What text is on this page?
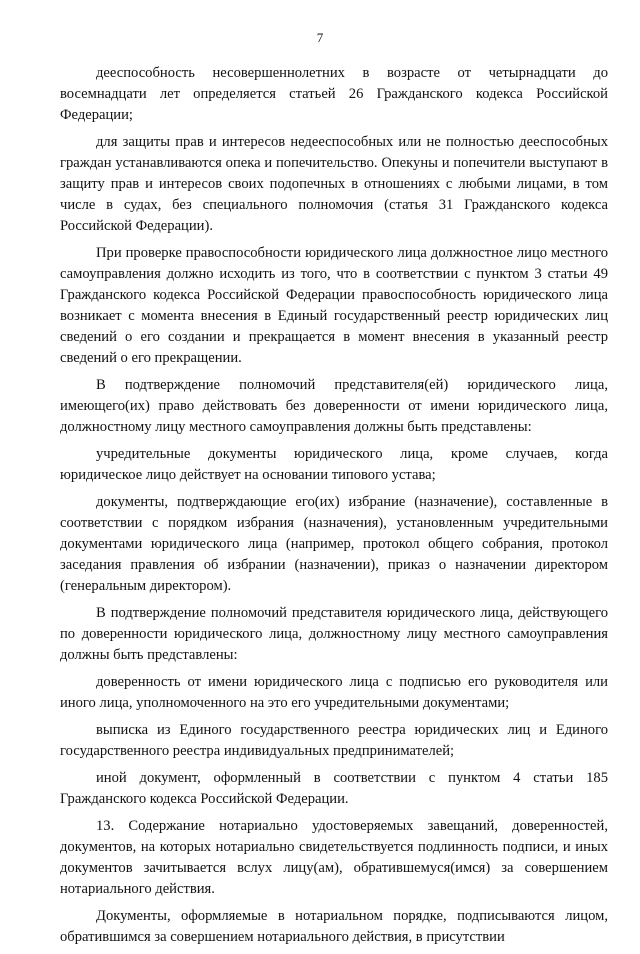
7

дееспособность несовершеннолетних в возрасте от четырнадцати до восемнадцати лет определяется статьей 26 Гражданского кодекса Российской Федерации;

для защиты прав и интересов недееспособных или не полностью дееспособных граждан устанавливаются опека и попечительство. Опекуны и попечители выступают в защиту прав и интересов своих подопечных в отношениях с любыми лицами, в том числе в судах, без специального полномочия (статья 31 Гражданского кодекса Российской Федерации).

При проверке правоспособности юридического лица должностное лицо местного самоуправления должно исходить из того, что в соответствии с пунктом 3 статьи 49 Гражданского кодекса Российской Федерации правоспособность юридического лица возникает с момента внесения в Единый государственный реестр юридических лиц сведений о его создании и прекращается в момент внесения в указанный реестр сведений о его прекращении.

В подтверждение полномочий представителя(ей) юридического лица, имеющего(их) право действовать без доверенности от имени юридического лица, должностному лицу местного самоуправления должны быть представлены:

учредительные документы юридического лица, кроме случаев, когда юридическое лицо действует на основании типового устава;

документы, подтверждающие его(их) избрание (назначение), составленные в соответствии с порядком избрания (назначения), установленным учредительными документами юридического лица (например, протокол общего собрания, протокол заседания правления об избрании (назначении), приказ о назначении директором (генеральным директором).

В подтверждение полномочий представителя юридического лица, действующего по доверенности юридического лица, должностному лицу местного самоуправления должны быть представлены:

доверенность от имени юридического лица с подписью его руководителя или иного лица, уполномоченного на это его учредительными документами;

выписка из Единого государственного реестра юридических лиц и Единого государственного реестра индивидуальных предпринимателей;

иной документ, оформленный в соответствии с пунктом 4 статьи 185 Гражданского кодекса Российской Федерации.

13. Содержание нотариально удостоверяемых завещаний, доверенностей, документов, на которых нотариально свидетельствуется подлинность подписи, и иных документов зачитывается вслух лицу(ам), обратившемуся(имся) за совершением нотариального действия.

Документы, оформляемые в нотариальном порядке, подписываются лицом, обратившимся за совершением нотариального действия, в присутствии
